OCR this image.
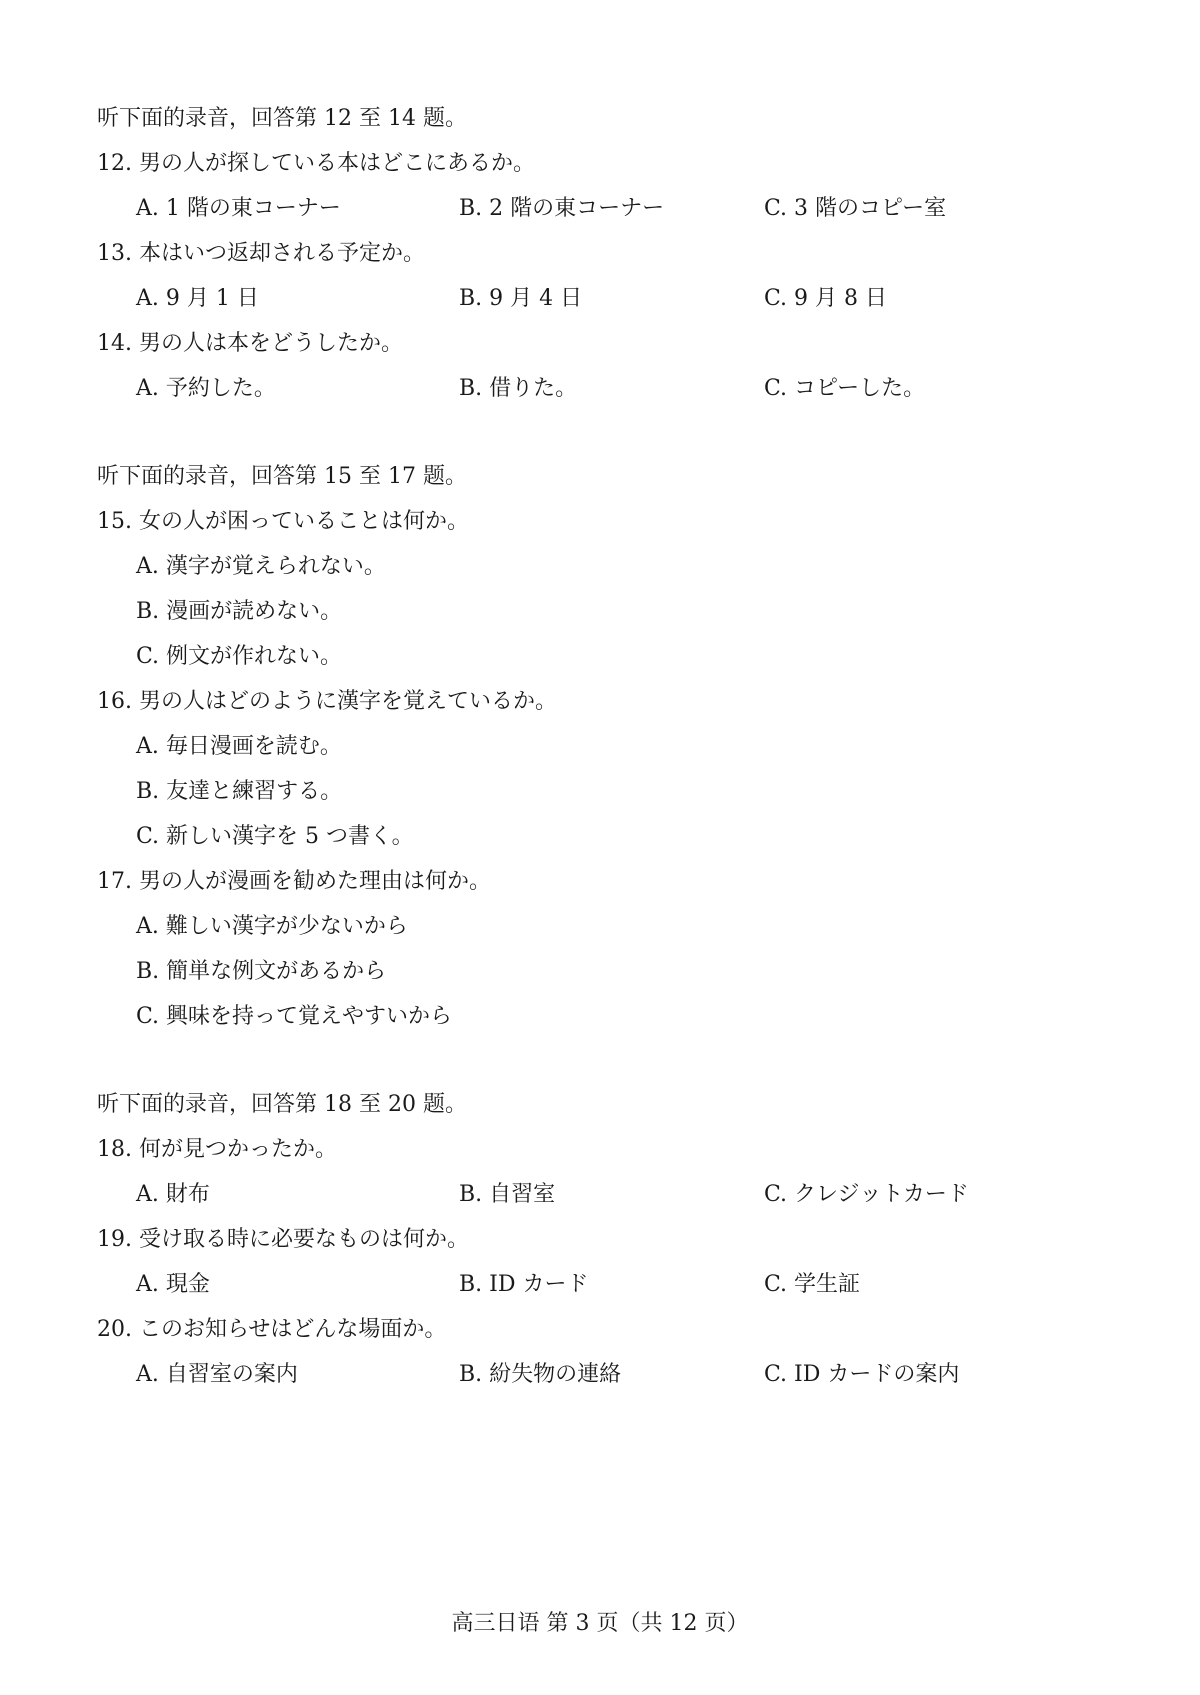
听下面的录音，回答第 12 至 14 题。
12. 男の人が探している本はどこにあるか。
A. 1 階の東コーナー	B. 2 階の東コーナー	C. 3 階のコピー室
13. 本はいつ返却される予定か。
A. 9 月 1 日	B. 9 月 4 日	C. 9 月 8 日
14. 男の人は本をどうしたか。
A. 予約した。	B. 借りた。	C. コピーした。
听下面的录音，回答第 15 至 17 题。
15. 女の人が困っていることは何か。
A. 漢字が覚えられない。
B. 漫画が読めない。
C. 例文が作れない。
16. 男の人はどのように漢字を覚えているか。
A. 毎日漫画を読む。
B. 友達と練習する。
C. 新しい漢字を 5 つ書く。
17. 男の人が漫画を勧めた理由は何か。
A. 難しい漢字が少ないから
B. 簡単な例文があるから
C. 興味を持って覚えやすいから
听下面的录音，回答第 18 至 20 题。
18. 何が見つかったか。
A. 財布	B. 自習室	C. クレジットカード
19. 受け取る時に必要なものは何か。
A. 現金	B. ID カード	C. 学生証
20. このお知らせはどんな場面か。
A. 自習室の案内	B. 紛失物の連絡	C. ID カードの案内
高三日语 第 3 页（共 12 页）
